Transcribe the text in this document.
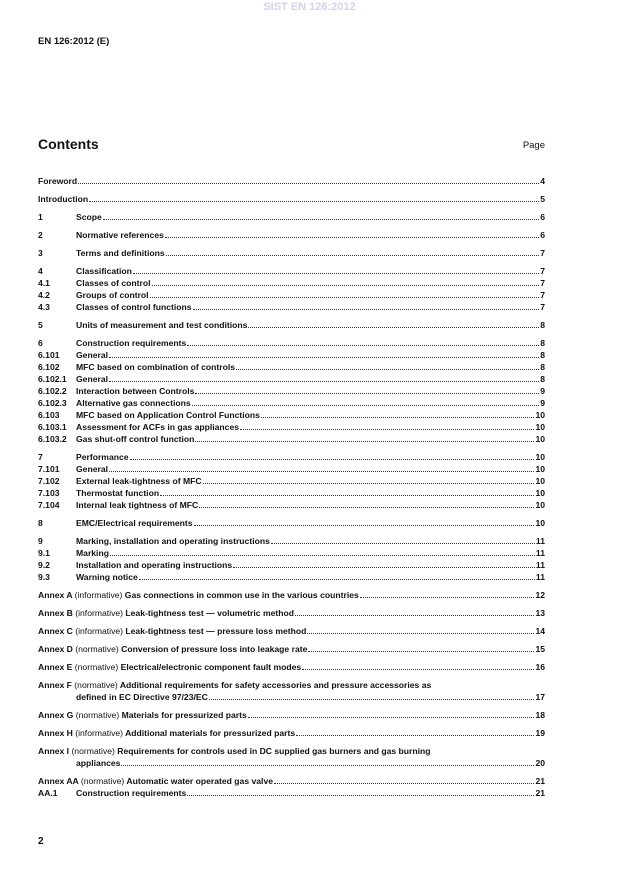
SIST EN 126:2012
EN 126:2012 (E)
Contents	Page
Foreword	4
Introduction	5
1	Scope	6
2	Normative references	6
3	Terms and definitions	7
4	Classification	7
4.1	Classes of control	7
4.2	Groups of control	7
4.3	Classes of control functions	7
5	Units of measurement and test conditions	8
6	Construction requirements	8
6.101	General	8
6.102	MFC based on combination of controls	8
6.102.1	General	8
6.102.2	Interaction between Controls	9
6.102.3	Alternative gas connections	9
6.103	MFC based on Application Control Functions	10
6.103.1	Assessment for ACFs in gas appliances	10
6.103.2	Gas shut-off control function	10
7	Performance	10
7.101	General	10
7.102	External leak-tightness of MFC	10
7.103	Thermostat function	10
7.104	Internal leak tightness of MFC	10
8	EMC/Electrical requirements	10
9	Marking, installation and operating instructions	11
9.1	Marking	11
9.2	Installation and operating instructions	11
9.3	Warning notice	11
Annex A (informative) Gas connections in common use in the various countries	12
Annex B (informative) Leak-tightness test — volumetric method	13
Annex C (informative) Leak-tightness test — pressure loss method	14
Annex D (normative) Conversion of pressure loss into leakage rate	15
Annex E (normative) Electrical/electronic component fault modes	16
Annex F (normative) Additional requirements for safety accessories and pressure accessories as
defined in EC Directive 97/23/EC	17
Annex G (normative) Materials for pressurized parts	18
Annex H (informative) Additional materials for pressurized parts	19
Annex I (normative) Requirements for controls used in DC supplied gas burners and gas burning
appliances	20
Annex AA (normative) Automatic water operated gas valve	21
AA.1	Construction requirements	21
2
